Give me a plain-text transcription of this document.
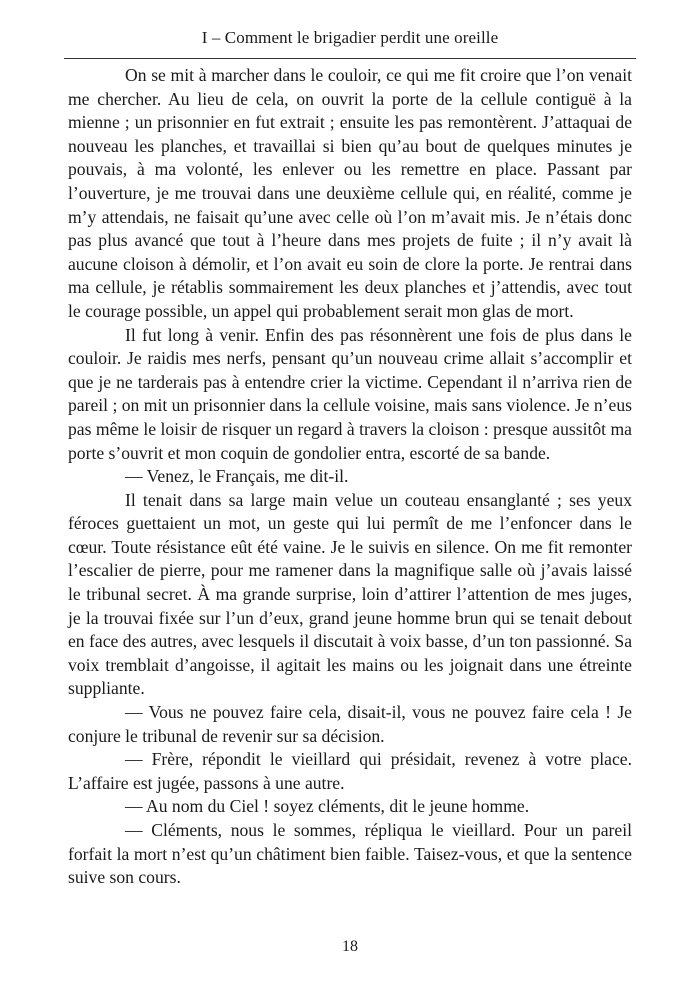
I – Comment le brigadier perdit une oreille

On se mit à marcher dans le couloir, ce qui me fit croire que l’on venait me chercher. Au lieu de cela, on ouvrit la porte de la cellule contiguë à la mienne ; un prisonnier en fut extrait ; ensuite les pas remontèrent. J’attaquai de nouveau les planches, et travaillai si bien qu’au bout de quelques minutes je pouvais, à ma volonté, les enlever ou les remettre en place. Passant par l’ouverture, je me trouvai dans une deuxième cellule qui, en réalité, comme je m’y attendais, ne faisait qu’une avec celle où l’on m’avait mis. Je n’étais donc pas plus avancé que tout à l’heure dans mes projets de fuite ; il n’y avait là aucune cloison à démolir, et l’on avait eu soin de clore la porte. Je rentrai dans ma cellule, je rétablis sommairement les deux planches et j’attendis, avec tout le courage possible, un appel qui probablement serait mon glas de mort.

Il fut long à venir. Enfin des pas résonnèrent une fois de plus dans le couloir. Je raidis mes nerfs, pensant qu’un nouveau crime allait s’accomplir et que je ne tarderais pas à entendre crier la victime. Cependant il n’arriva rien de pareil ; on mit un prisonnier dans la cellule voisine, mais sans violence. Je n’eus pas même le loisir de risquer un regard à travers la cloison : presque aussitôt ma porte s’ouvrit et mon coquin de gondolier entra, escorté de sa bande.

— Venez, le Français, me dit-il.

Il tenait dans sa large main velue un couteau ensanglanté ; ses yeux féroces guettaient un mot, un geste qui lui permît de me l’enfoncer dans le cœur. Toute résistance eût été vaine. Je le suivis en silence. On me fit remonter l’escalier de pierre, pour me ramener dans la magnifique salle où j’avais laissé le tribunal secret. À ma grande surprise, loin d’attirer l’attention de mes juges, je la trouvai fixée sur l’un d’eux, grand jeune homme brun qui se tenait debout en face des autres, avec lesquels il discutait à voix basse, d’un ton passionné. Sa voix tremblait d’angoisse, il agitait les mains ou les joignait dans une étreinte suppliante.

— Vous ne pouvez faire cela, disait-il, vous ne pouvez faire cela ! Je conjure le tribunal de revenir sur sa décision.

— Frère, répondit le vieillard qui présidait, revenez à votre place. L’affaire est jugée, passons à une autre.

— Au nom du Ciel ! soyez cléments, dit le jeune homme.

— Cléments, nous le sommes, répliqua le vieillard. Pour un pareil forfait la mort n’est qu’un châtiment bien faible. Taisez-vous, et que la sentence suive son cours.

18
